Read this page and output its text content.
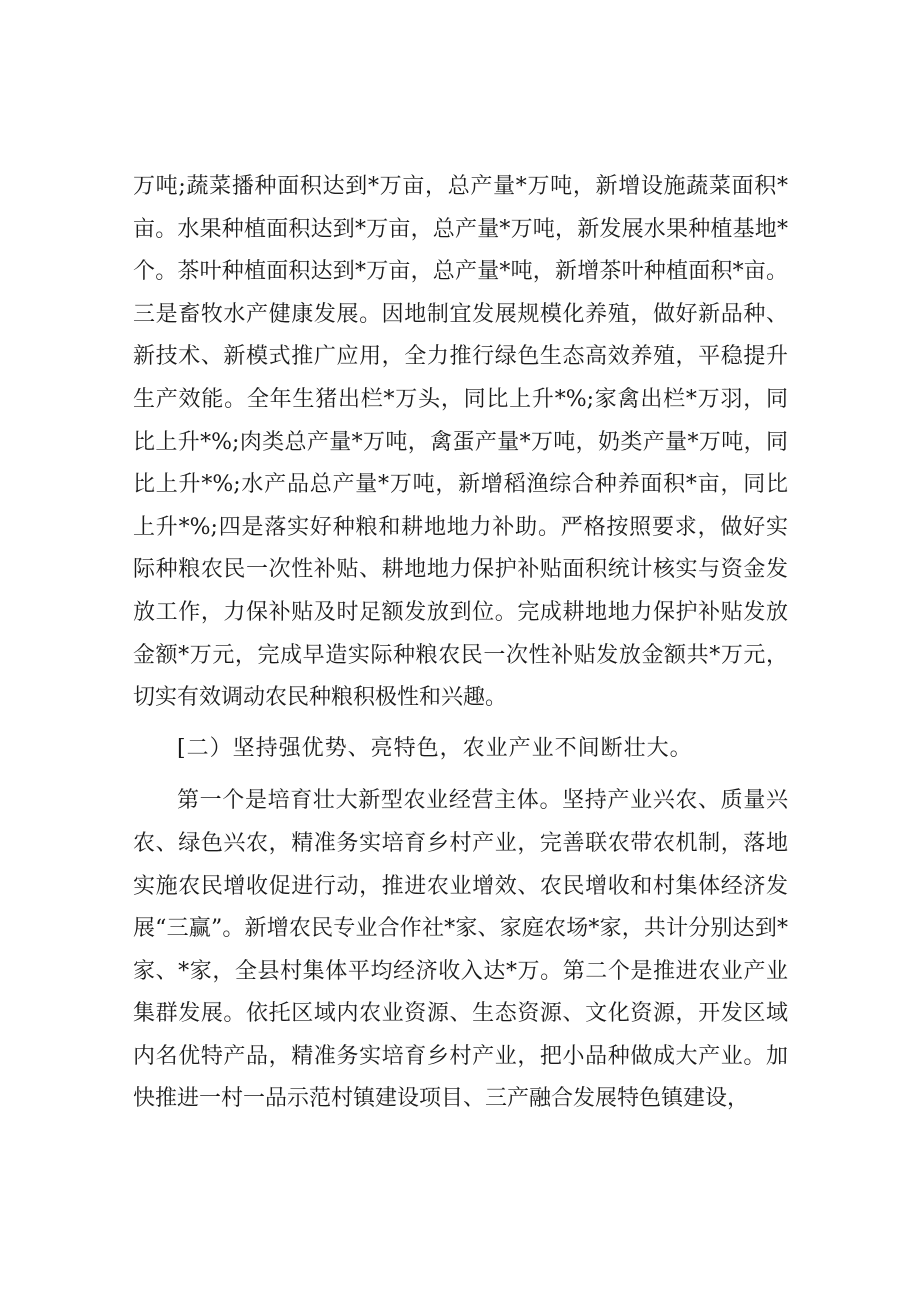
万吨;蔬菜播种面积达到*万亩，总产量*万吨，新增设施蔬菜面积*亩。水果种植面积达到*万亩，总产量*万吨，新发展水果种植基地*个。茶叶种植面积达到*万亩，总产量*吨，新增茶叶种植面积*亩。三是畜牧水产健康发展。因地制宜发展规模化养殖，做好新品种、新技术、新模式推广应用，全力推行绿色生态高效养殖，平稳提升生产效能。全年生猪出栏*万头，同比上升*%;家禽出栏*万羽，同比上升*%;肉类总产量*万吨，禽蛋产量*万吨，奶类产量*万吨，同比上升*%;水产品总产量*万吨，新增稻渔综合种养面积*亩，同比上升*%;四是落实好种粮和耕地地力补助。严格按照要求，做好实际种粮农民一次性补贴、耕地地力保护补贴面积统计核实与资金发放工作，力保补贴及时足额发放到位。完成耕地地力保护补贴发放金额*万元，完成早造实际种粮农民一次性补贴发放金额共*万元，切实有效调动农民种粮积极性和兴趣。

[二）坚持强优势、亮特色，农业产业不间断壮大。

第一个是培育壮大新型农业经营主体。坚持产业兴农、质量兴农、绿色兴农，精准务实培育乡村产业，完善联农带农机制，落地实施农民增收促进行动，推进农业增效、农民增收和村集体经济发展“三赢”。新增农民专业合作社*家、家庭农场*家，共计分别达到*家、*家，全县村集体平均经济收入达*万。第二个是推进农业产业集群发展。依托区域内农业资源、生态资源、文化资源，开发区域内名优特产品，精准务实培育乡村产业，把小品种做成大产业。加快推进一村一品示范村镇建设项目、三产融合发展特色镇建设，
